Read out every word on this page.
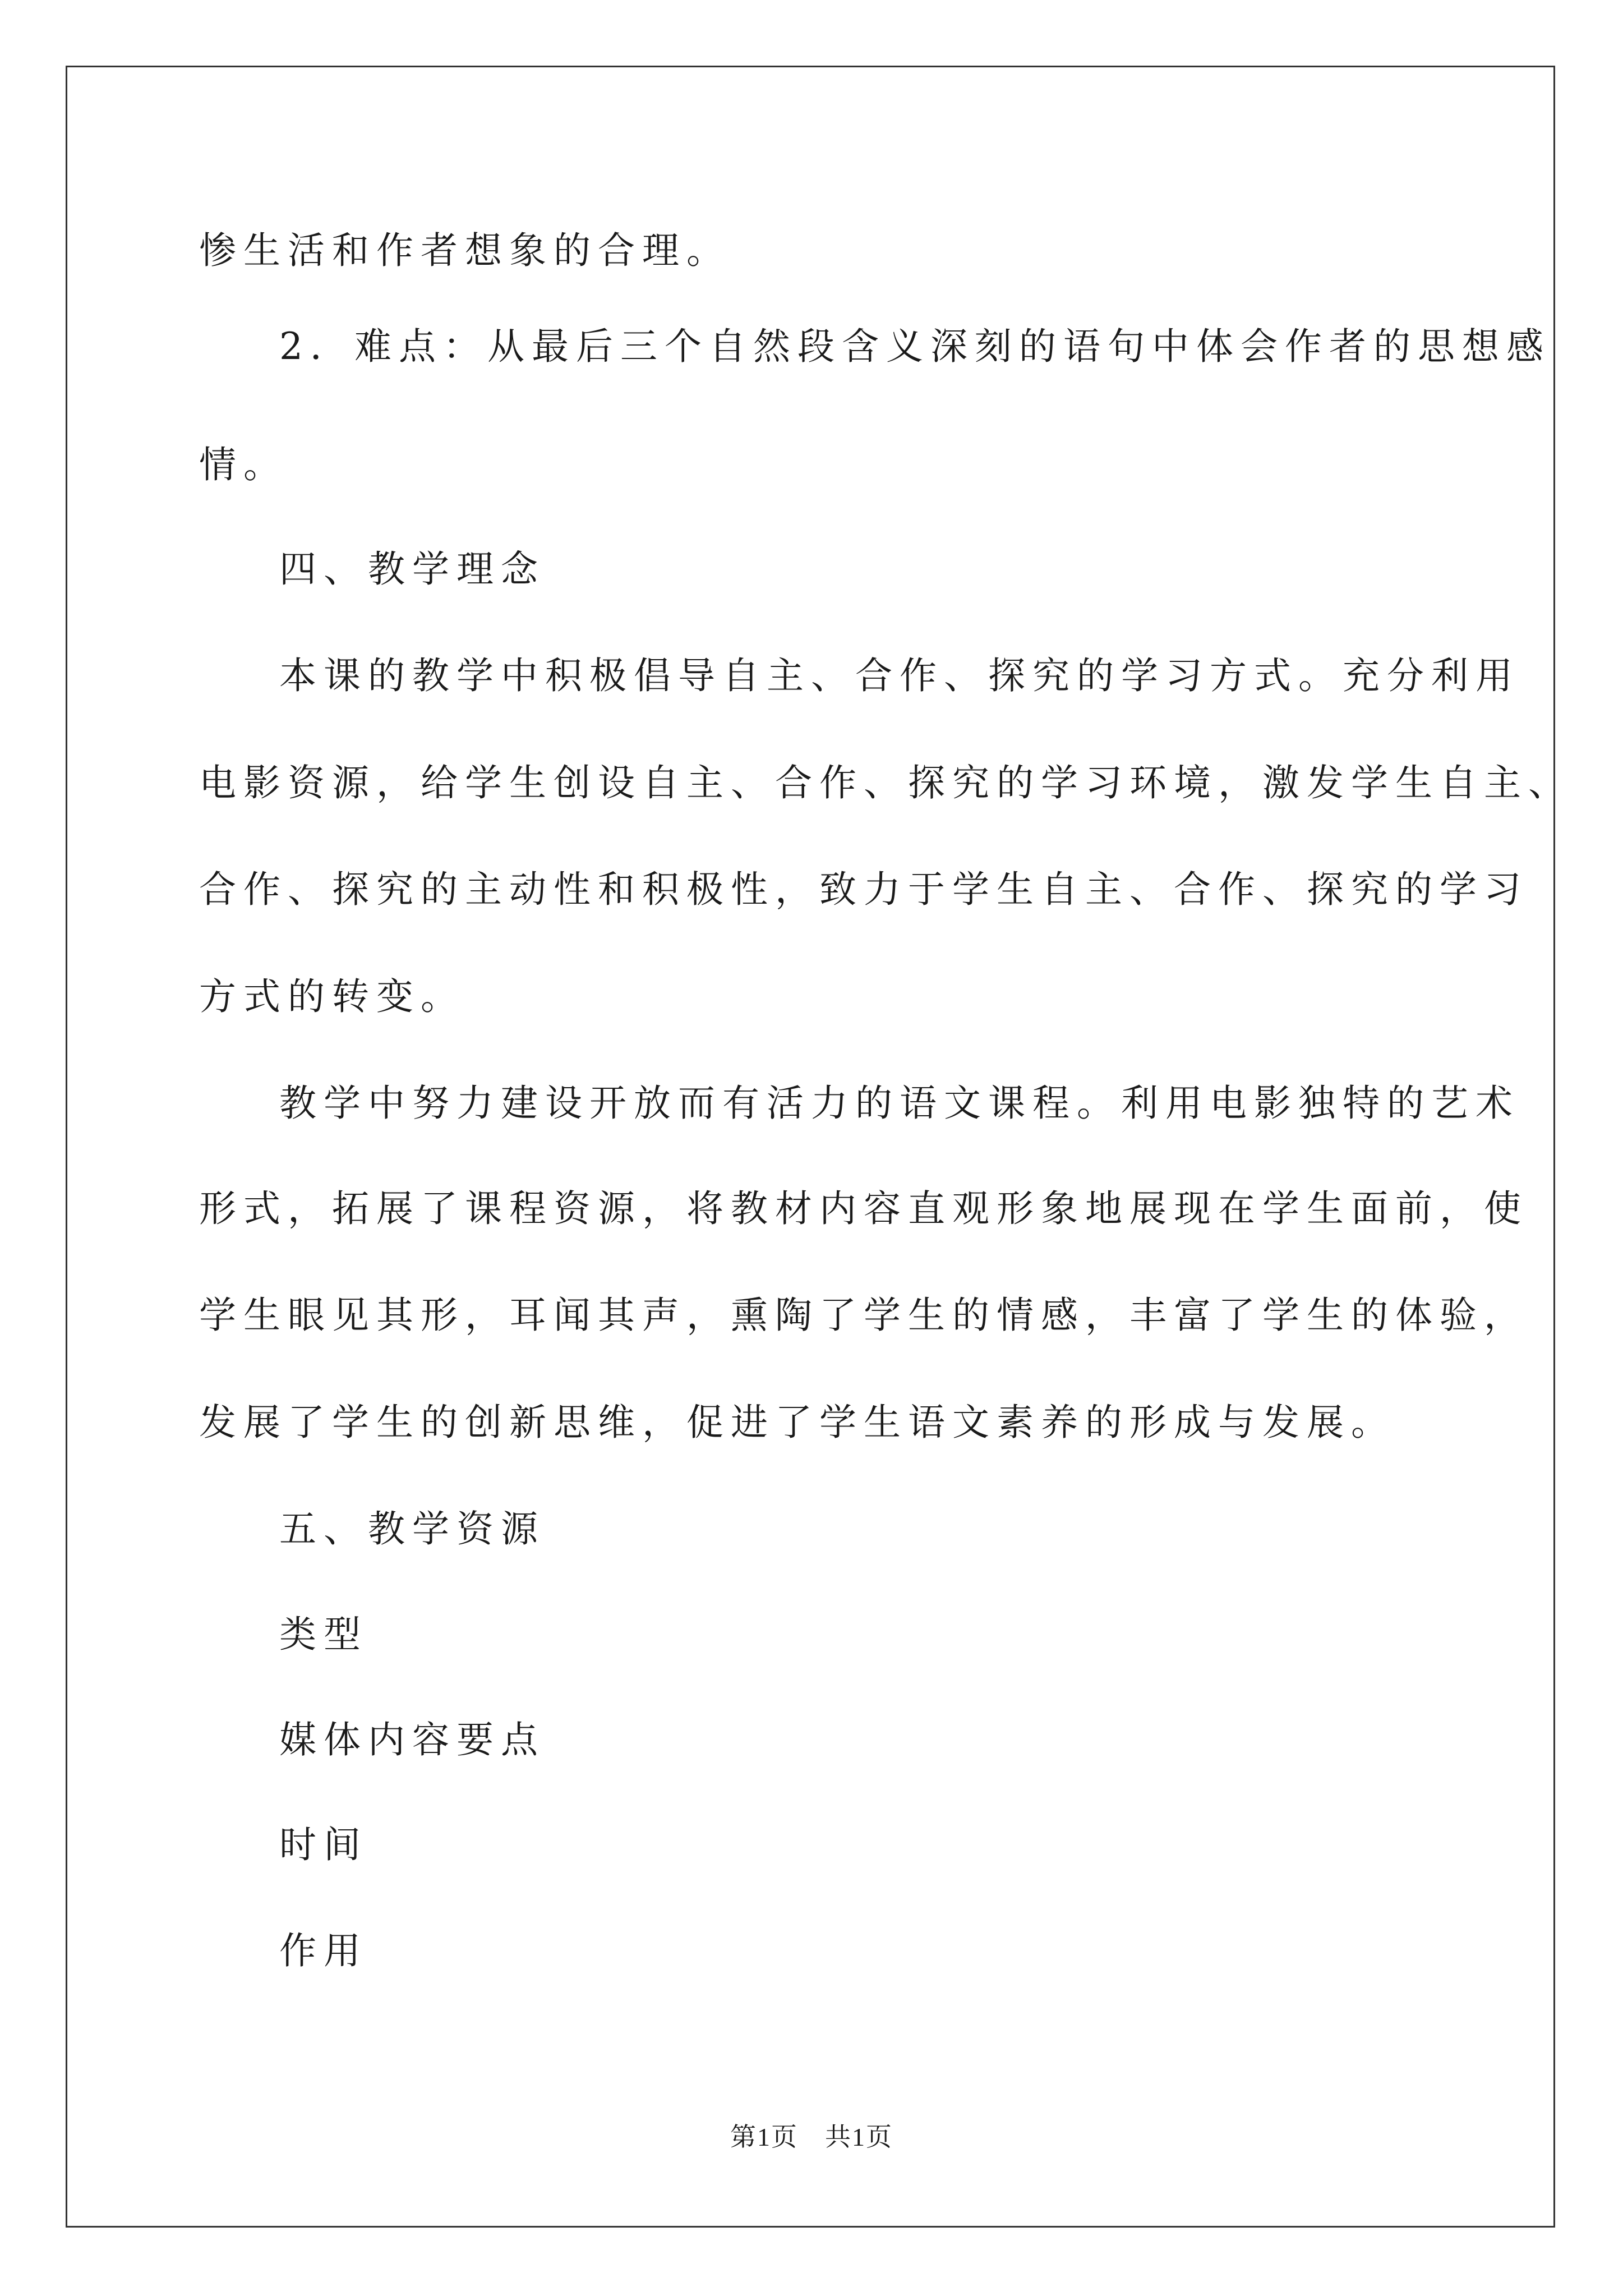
惨生活和作者想象的合理。
2．难点：从最后三个自然段含义深刻的语句中体会作者的思想感
情。
四、教学理念
本课的教学中积极倡导自主、合作、探究的学习方式。充分利用
电影资源，给学生创设自主、合作、探究的学习环境，激发学生自主、
合作、探究的主动性和积极性，致力于学生自主、合作、探究的学习
方式的转变。
教学中努力建设开放而有活力的语文课程。利用电影独特的艺术
形式，拓展了课程资源，将教材内容直观形象地展现在学生面前，使
学生眼见其形，耳闻其声，熏陶了学生的情感，丰富了学生的体验，
发展了学生的创新思维，促进了学生语文素养的形成与发展。
五、教学资源
类型
媒体内容要点
时间
作用
第1页　共1页
